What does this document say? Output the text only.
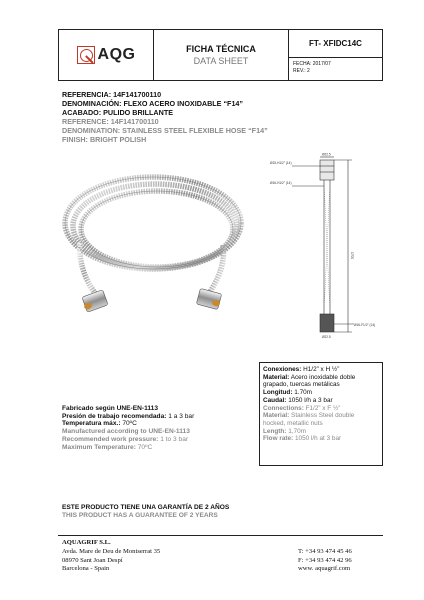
AQG	FICHA TÉCNICA
DATA SHEET
FT- XFIDC14C
FECHA: 2017/07
REV.: 2
REFERENCIA: 14F141700110
DENOMINACIÓN: FLEXO ACERO INOXIDABLE “F14”
ACABADO: PULIDO BRILLANTE
REFERENCE: 14F141700110
DENOMINATION: STAINLESS STEEL FLEXIBLE HOSE “F14”
FINISH: BRIGHT POLISH
Ø15-H1/2" (14)
Ø22.5
Ø16-H1/2" (14)
1700
Ø22.5
Ø16-F1/2" (14)
Conexiones: H1/2” x H ½”
Material: Acero inoxidable doble
grapado, tuercas metálicas
Longitud: 1.70m
Caudal: 1050 l/h a 3 bar
Connections: F1/2” x F ½”
Material: Stainless Steel double
hocked, metallic nuts
Length: 1,70m
Flow rate: 1050 l/h at 3 bar
Fabricado según UNE-EN-1113
Presión de trabajo recomendada: 1 a 3 bar
Temperatura máx.: 70ºC
Manufactured according to UNE-EN-1113
Recommended work pressure: 1 to 3 bar
Maximum Temperature: 70ºC
ESTE PRODUCTO TIENE UNA GARANTÍA DE 2 AÑOS
THIS PRODUCT HAS A GUARANTEE OF 2 YEARS
AQUAGRIF S.L.
Avda. Mare de Deu de Montserrat 35
08970 Sant Joan Despí
Barcelona - Spain
T: +34 93 474 45 46
F: +34 93 474 42 96
www. aquagrif.com
